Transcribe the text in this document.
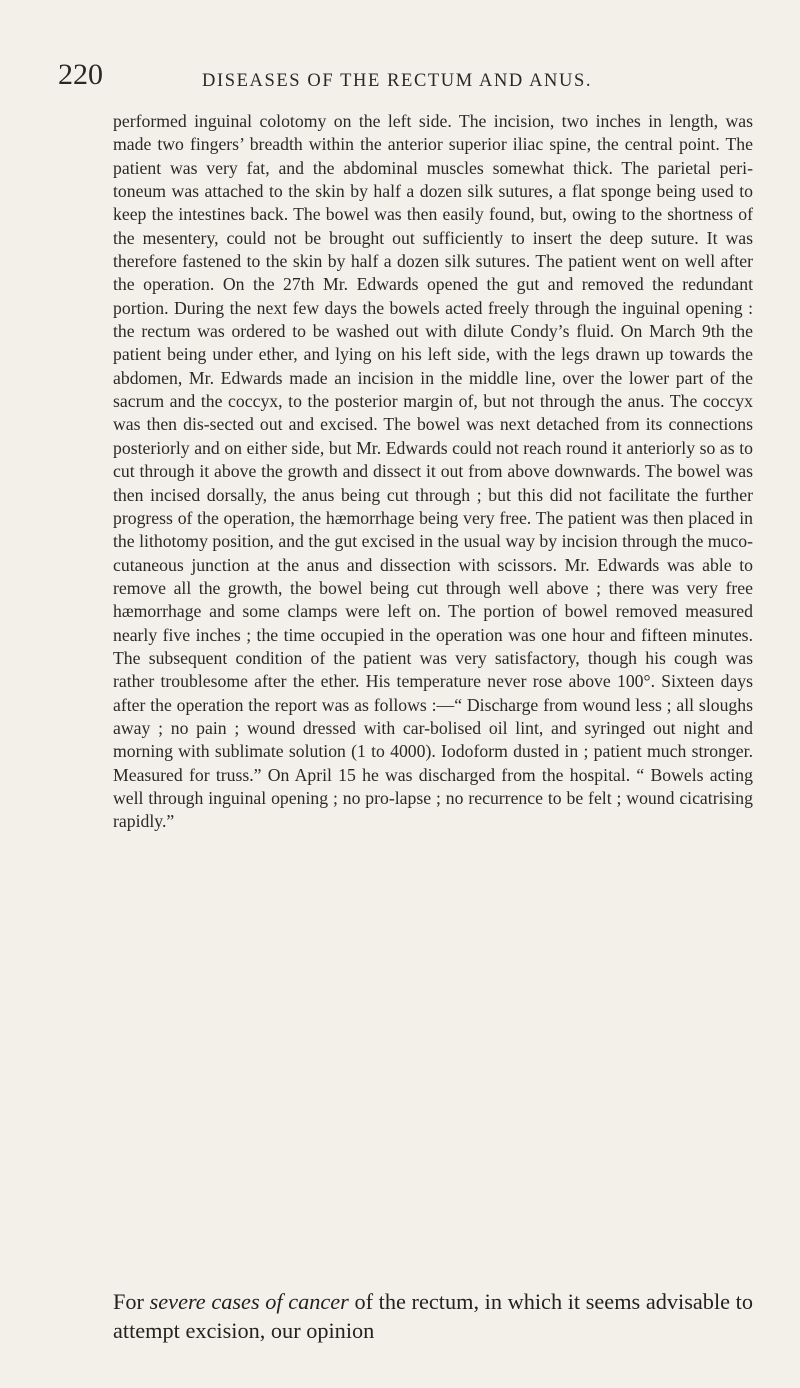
220	DISEASES OF THE RECTUM AND ANUS.

performed inguinal colotomy on the left side. The incision, two inches in length, was made two fingers’ breadth within the anterior superior iliac spine, the central point. The patient was very fat, and the abdominal muscles somewhat thick. The parietal peri-toneum was attached to the skin by half a dozen silk sutures, a flat sponge being used to keep the intestines back. The bowel was then easily found, but, owing to the shortness of the mesentery, could not be brought out sufficiently to insert the deep suture. It was therefore fastened to the skin by half a dozen silk sutures. The patient went on well after the operation. On the 27th Mr. Edwards opened the gut and removed the redundant portion. During the next few days the bowels acted freely through the inguinal opening : the rectum was ordered to be washed out with dilute Condy’s fluid. On March 9th the patient being under ether, and lying on his left side, with the legs drawn up towards the abdomen, Mr. Edwards made an incision in the middle line, over the lower part of the sacrum and the coccyx, to the posterior margin of, but not through the anus. The coccyx was then dis-sected out and excised. The bowel was next detached from its connections posteriorly and on either side, but Mr. Edwards could not reach round it anteriorly so as to cut through it above the growth and dissect it out from above downwards. The bowel was then incised dorsally, the anus being cut through ; but this did not facilitate the further progress of the operation, the hæmorrhage being very free. The patient was then placed in the lithotomy position, and the gut excised in the usual way by incision through the muco-cutaneous junction at the anus and dissection with scissors. Mr. Edwards was able to remove all the growth, the bowel being cut through well above ; there was very free hæmorrhage and some clamps were left on. The portion of bowel removed measured nearly five inches ; the time occupied in the operation was one hour and fifteen minutes. The subsequent condition of the patient was very satisfactory, though his cough was rather troublesome after the ether. His temperature never rose above 100°. Sixteen days after the operation the report was as follows :—“ Discharge from wound less ; all sloughs away ; no pain ; wound dressed with car-bolised oil lint, and syringed out night and morning with sublimate solution (1 to 4000). Iodoform dusted in ; patient much stronger. Measured for truss.” On April 15 he was discharged from the hospital. “ Bowels acting well through inguinal opening ; no pro-lapse ; no recurrence to be felt ; wound cicatrising rapidly.”

For severe cases of cancer of the rectum, in which it seems advisable to attempt excision, our opinion
